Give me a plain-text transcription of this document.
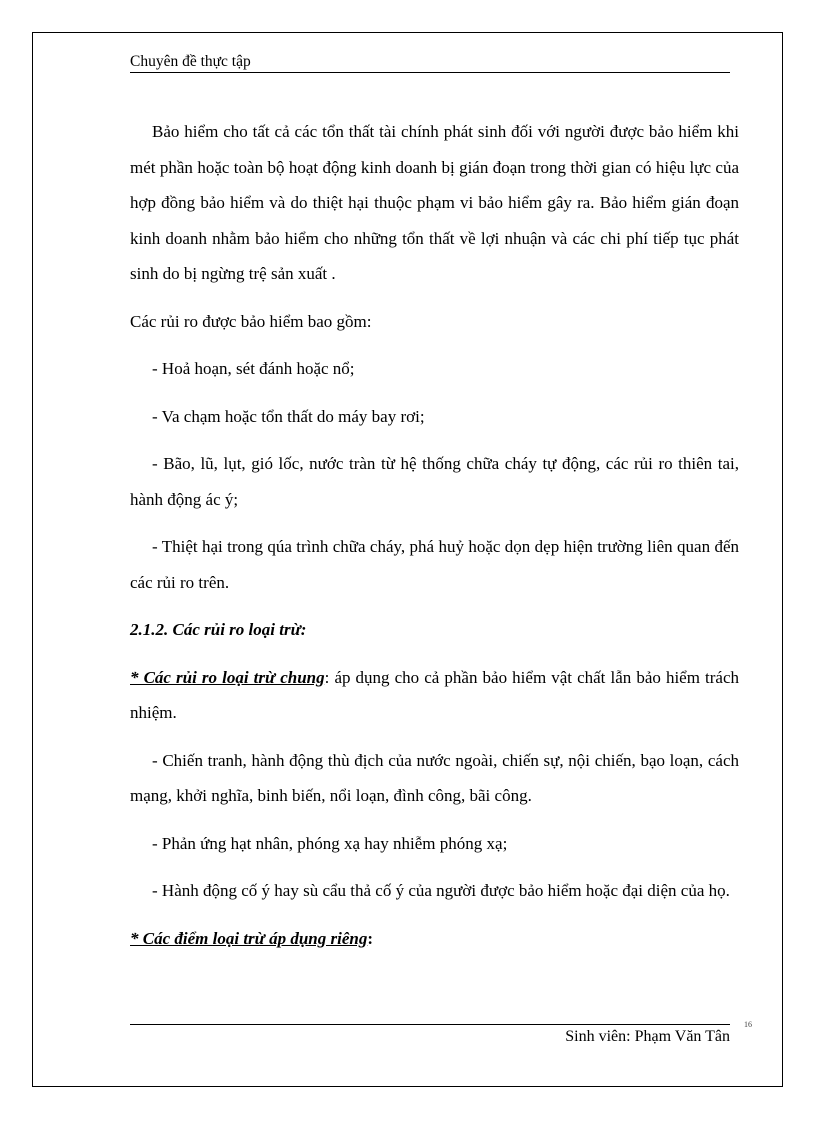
Chuyên đề thực tập

Bảo hiểm cho tất cả các tổn thất tài chính phát sinh đối với người được bảo hiểm khi mét phần hoặc toàn bộ hoạt động kinh doanh bị gián đoạn trong thời gian có hiệu lực của hợp đồng bảo hiểm và do thiệt hại thuộc phạm vi bảo hiểm gây ra. Bảo hiểm gián đoạn kinh doanh nhằm bảo hiểm cho những tổn thất về lợi nhuận và các chi phí tiếp tục phát sinh do bị ngừng trệ sản xuất .

Các rủi ro được bảo hiểm bao gồm:

- Hoả hoạn, sét đánh hoặc nổ;

- Va chạm hoặc tổn thất do máy bay rơi;

- Bão, lũ, lụt, gió lốc, nước tràn từ hệ thống chữa cháy tự động, các rủi ro thiên tai, hành động ác ý;

- Thiệt hại trong qúa trình chữa cháy, phá huỷ hoặc dọn dẹp hiện trường liên quan đến các rủi ro trên.

2.1.2. Các rủi ro loại trừ:

* Các rủi ro loại trừ chung: áp dụng cho cả phần bảo hiểm vật chất lẫn bảo hiểm trách nhiệm.

- Chiến tranh, hành động thù địch của nước ngoài, chiến sự, nội chiến, bạo loạn, cách mạng, khởi nghĩa, binh biến, nổi loạn, đình công, bãi công.

- Phản ứng hạt nhân, phóng xạ hay nhiễm phóng xạ;

- Hành động cố ý hay sù cẩu thả cố ý của người được bảo hiểm hoặc đại diện của họ.

* Các điểm loại trừ áp dụng riêng:

Sinh viên: Phạm Văn Tân
16
